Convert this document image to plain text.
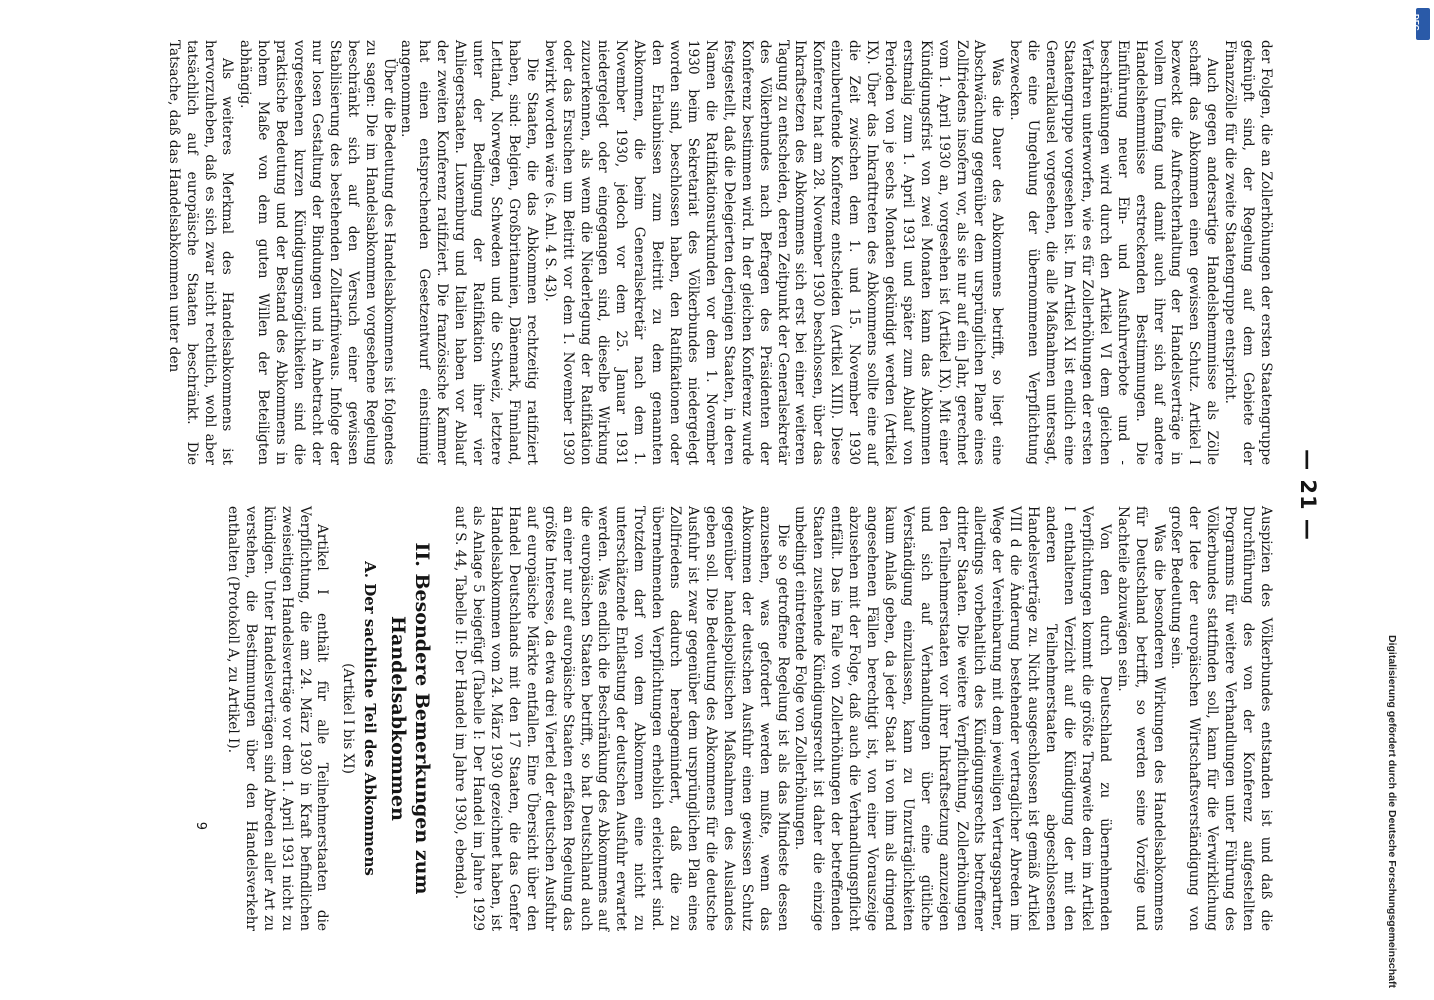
— 21 —

der Folgen, die an Zollerhöhungen der ersten Staatengruppe geknüpft sind, der Regelung auf dem Gebiete der Finanzzölle für die zweite Staatengruppe entspricht.

Auch gegen andersartige Handelshemmnisse als Zölle schafft das Abkommen einen gewissen Schutz. Artikel I bezweckt die Aufrechterhaltung der Handelsverträge in vollem Umfang und damit auch ihrer sich auf andere Handelshemmnisse erstreckenden Bestimmungen. Die Einführung neuer Ein- und Ausfuhrverbote und -beschränkungen wird durch den Artikel VI dem gleichen Verfahren unterworfen, wie es für Zollerhöhungen der ersten Staatengruppe vorgesehen ist. Im Artikel XI ist endlich eine Generalklausel vorgesehen, die alle Maßnahmen untersagt, die eine Umgehung der übernommenen Verpflichtung bezwecken.

Was die Dauer des Abkommens betrifft, so liegt eine Abschwächung gegenüber dem ursprünglichen Plane eines Zollfriedens insofern vor, als sie nur auf ein Jahr, gerechnet vom 1. April 1930 an, vorgesehen ist (Artikel IX). Mit einer Kündigungsfrist von zwei Monaten kann das Abkommen erstmalig zum 1. April 1931 und später zum Ablauf von Perioden von je sechs Monaten gekündigt werden (Artikel IX). Über das Inkrafttreten des Abkommens sollte eine auf die Zeit zwischen dem 1. und 15. November 1930 einzuberufende Konferenz entscheiden (Artikel XIII). Diese Konferenz hat am 28. November 1930 beschlossen, über das Inkraftsetzen des Abkommens sich erst bei einer weiteren Tagung zu entscheiden, deren Zeitpunkt der Generalsekretär des Völkerbundes nach Befragen des Präsidenten der Konferenz bestimmen wird. In der gleichen Konferenz wurde festgestellt, daß die Delegierten derjenigen Staaten, in deren Namen die Ratifikationsurkunden vor dem 1. November 1930 beim Sekretariat des Völkerbundes niedergelegt worden sind, beschlossen haben, den Ratifikationen oder den Erlaubnissen zum Beitritt zu dem genannten Abkommen, die beim Generalsekretär nach dem 1. November 1930, jedoch vor dem 25. Januar 1931 niedergelegt oder eingegangen sind, dieselbe Wirkung zuzuerkennen, als wenn die Niederlegung der Ratifikation oder das Ersuchen um Beitritt vor dem 1. November 1930 bewirkt worden wäre (s. Anl. 4 S. 43).

Die Staaten, die das Abkommen rechtzeitig ratifiziert haben, sind: Belgien, Großbritannien, Dänemark, Finnland, Lettland, Norwegen, Schweden und die Schweiz, letztere unter der Bedingung der Ratifikation ihrer vier Anliegerstaaten. Luxemburg und Italien haben vor Ablauf der zweiten Konferenz ratifiziert. Die französische Kammer hat einen entsprechenden Gesetzentwurf einstimmig angenommen.

Über die Bedeutung des Handelsabkommens ist folgendes zu sagen: Die im Handelsabkommen vorgesehene Regelung beschränkt sich auf den Versuch einer gewissen Stabilisierung des bestehenden Zolltarifniveaus. Infolge der nur losen Gestaltung der Bindungen und in Anbetracht der vorgesehenen kurzen Kündigungsmöglichkeiten sind die praktische Bedeutung und der Bestand des Abkommens in hohem Maße von dem guten Willen der Beteiligten abhängig.

Als weiteres Merkmal des Handelsabkommens ist hervorzuheben, daß es sich zwar nicht rechtlich, wohl aber tatsächlich auf europäische Staaten beschränkt. Die Tatsache, daß das Handelsabkommen unter den

Auspizien des Völkerbundes entstanden ist und daß die Durchführung des von der Konferenz aufgestellten Programms für weitere Verhandlungen unter Führung des Völkerbundes stattfinden soll, kann für die Verwirklichung der Idee der europäischen Wirtschaftsverständigung von großer Bedeutung sein.

Was die besonderen Wirkungen des Handelsabkommens für Deutschland betrifft, so werden seine Vorzüge und Nachteile abzuwägen sein.

Von den durch Deutschland zu übernehmenden Verpflichtungen kommt die größte Tragweite dem im Artikel I enthaltenen Verzicht auf die Kündigung der mit den anderen Teilnehmerstaaten abgeschlossenen Handelsverträge zu. Nicht ausgeschlossen ist gemäß Artikel VIII d die Änderung bestehender vertraglicher Abreden im Wege der Vereinbarung mit dem jeweiligen Vertragspartner, allerdings vorbehaltlich des Kündigungsrechts betroffener dritter Staaten. Die weitere Verpflichtung, Zollerhöhungen den Teilnehmerstaaten vor ihrer Inkraftsetzung anzuzeigen und sich auf Verhandlungen über eine gütliche Verständigung einzulassen, kann zu Unzuträglichkeiten kaum Anlaß geben, da jeder Staat in von ihm als dringend angesehenen Fällen berechtigt ist, von einer Vorauszeige abzusehen mit der Folge, daß auch die Verhandlungspflicht entfällt. Das im Falle von Zollerhöhungen der betreffenden Staaten zustehende Kündigungsrecht ist daher die einzige unbedingt eintretende Folge von Zollerhöhungen.

Die so getroffene Regelung ist als das Mindeste dessen anzusehen, was gefordert werden mußte, wenn das Abkommen der deutschen Ausfuhr einen gewissen Schutz gegenüber handelspolitischen Maßnahmen des Auslandes geben soll. Die Bedeutung des Abkommens für die deutsche Ausfuhr ist zwar gegenüber dem ursprünglichen Plan eines Zollfriedens dadurch herabgemindert, daß die zu übernehmenden Verpflichtungen erheblich erleichtert sind. Trotzdem darf von dem Abkommen eine nicht zu unterschätzende Entlastung der deutschen Ausfuhr erwartet werden. Was endlich die Beschränkung des Abkommens auf die europäischen Staaten betrifft, so hat Deutschland auch an einer nur auf europäische Staaten erfaßten Regelung das größte Interesse, da etwa drei Viertel der deutschen Ausfuhr auf europäische Märkte entfallen. Eine Übersicht über den Handel Deutschlands mit den 17 Staaten, die das Genfer Handelsabkommen vom 24. März 1930 gezeichnet haben, ist als Anlage 5 beigefügt (Tabelle I: Der Handel im Jahre 1929 auf S. 44, Tabelle II: Der Handel im Jahre 1930, ebenda).

II. Besondere Bemerkungen zum Handelsabkommen
A. Der sachliche Teil des Abkommens

(Artikel I bis XI)

Artikel I enthält für alle Teilnehmerstaaten die Verpflichtung, die am 24. März 1930 in Kraft befindlichen zweiseitigen Handelsverträge vor dem 1. April 1931 nicht zu kündigen. Unter Handelsverträgen sind Abreden aller Art zu verstehen, die Bestimmungen über den Handelsverkehr enthalten (Protokoll A, zu Artikel I).

9	Digitalisierung gefördert durch die Deutsche Forschungsgemeinschaft
DFG
